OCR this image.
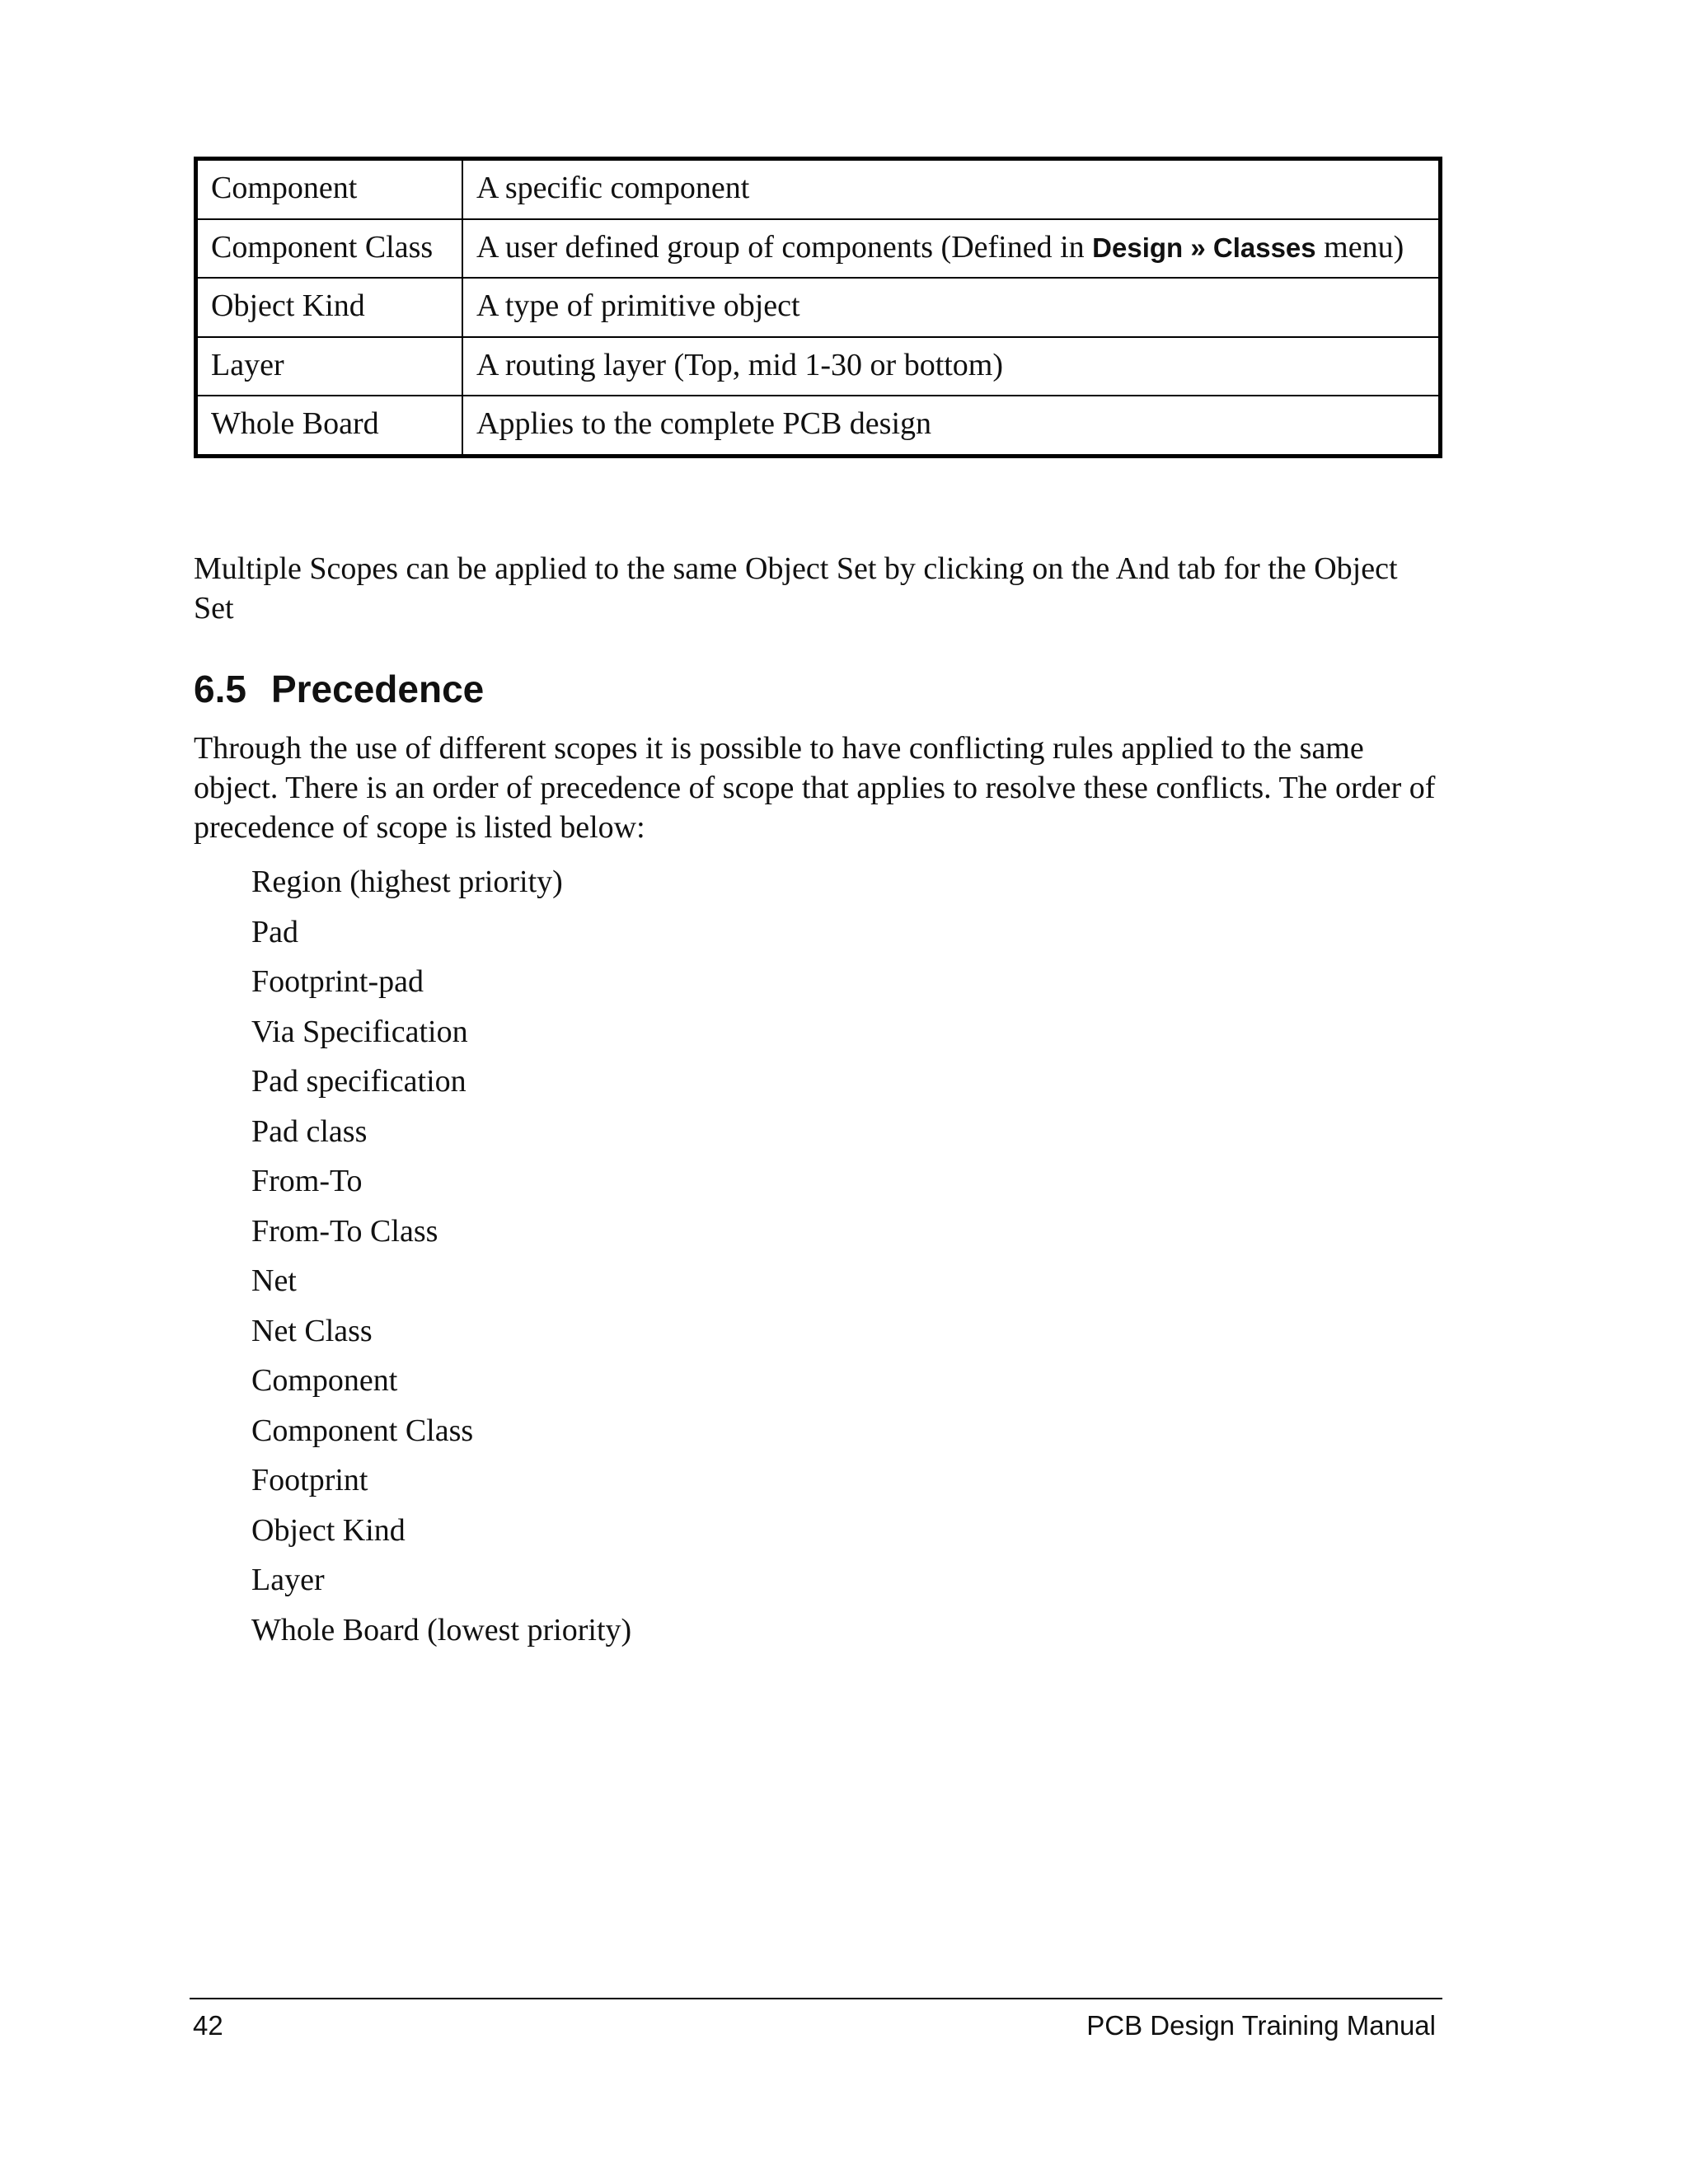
Component	A specific component
Component Class	A user defined group of components (Defined in Design » Classes menu)
Object Kind	A type of primitive object
Layer	A routing layer (Top, mid 1-30 or bottom)
Whole Board	Applies to the complete PCB design

Multiple Scopes can be applied to the same Object Set by clicking on the And tab for the Object Set

6.5 Precedence

Through the use of different scopes it is possible to have conflicting rules applied to the same object. There is an order of precedence of scope that applies to resolve these conflicts. The order of precedence of scope is listed below:

Region (highest priority)
Pad
Footprint-pad
Via Specification
Pad specification
Pad class
From-To
From-To Class
Net
Net Class
Component
Component Class
Footprint
Object Kind
Layer
Whole Board (lowest priority)
42	PCB Design Training Manual
